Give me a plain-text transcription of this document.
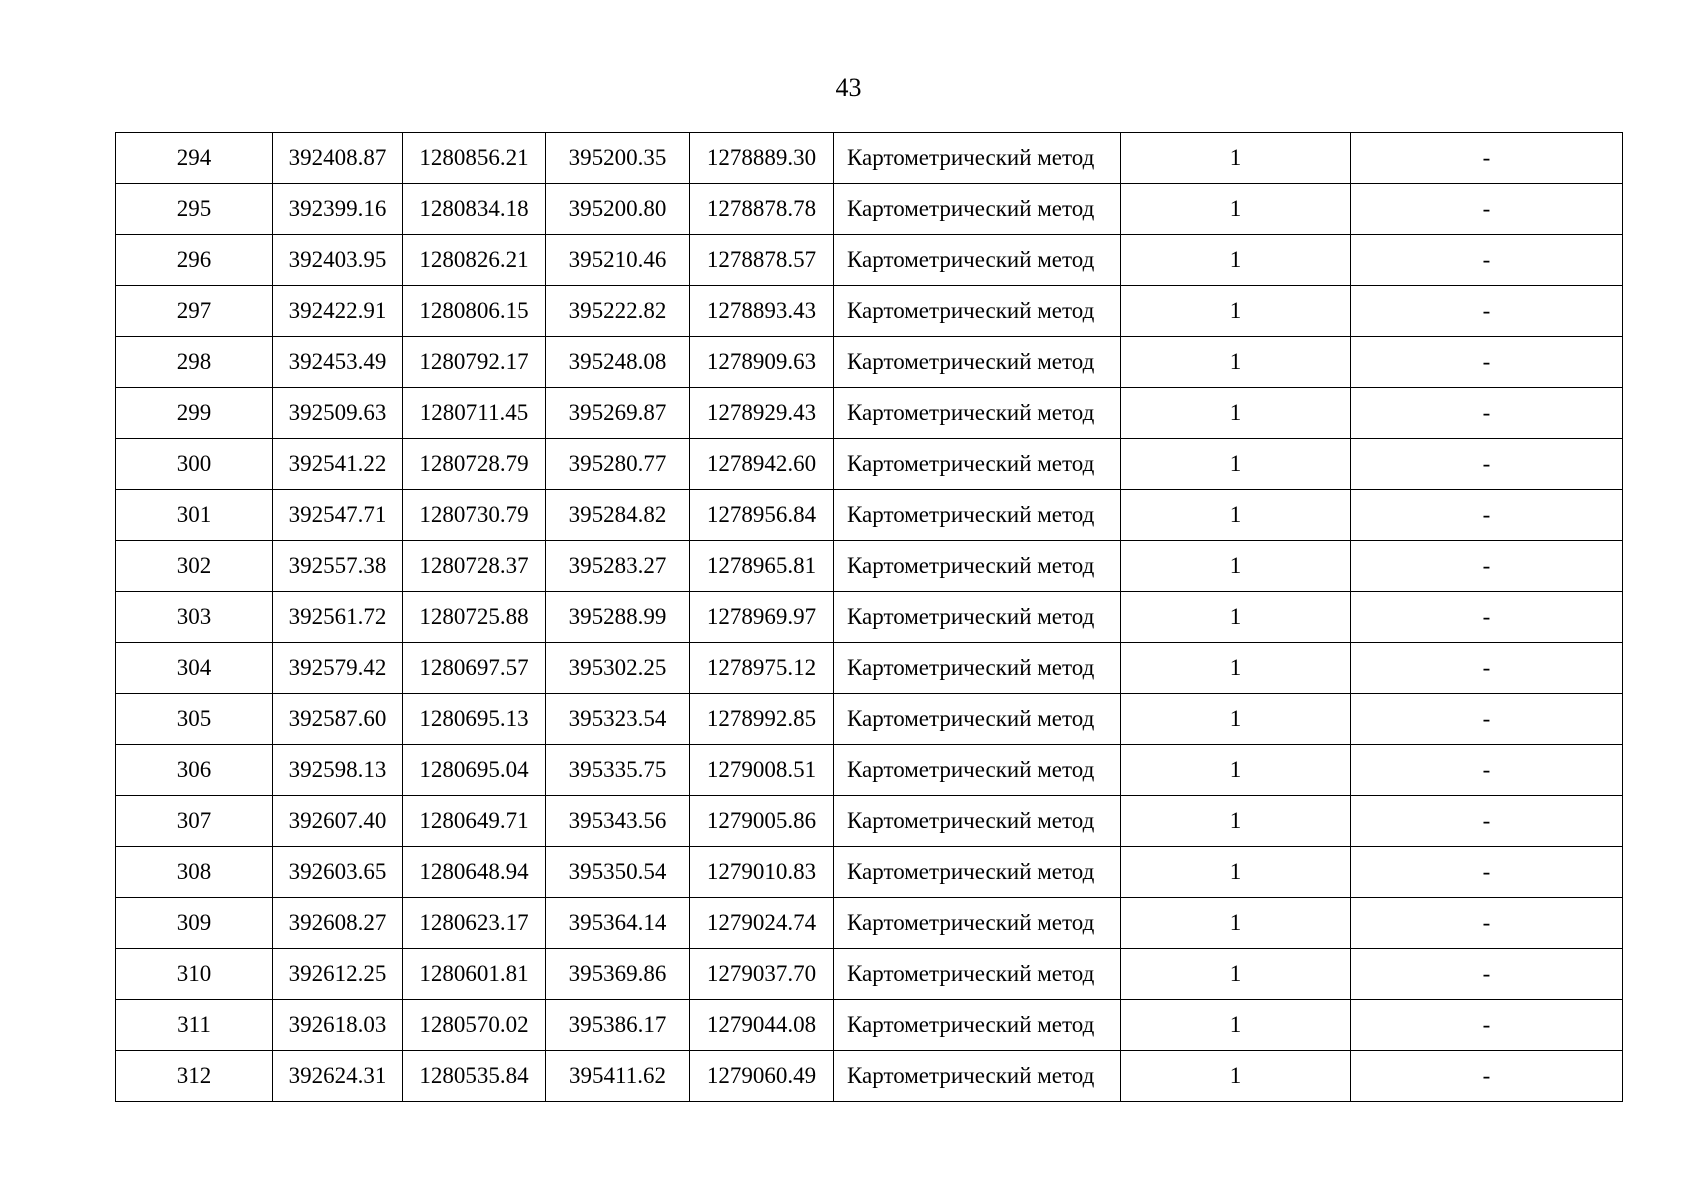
43
294	392408.87	1280856.21	395200.35	1278889.30	Картометрический метод	1	-
295	392399.16	1280834.18	395200.80	1278878.78	Картометрический метод	1	-
296	392403.95	1280826.21	395210.46	1278878.57	Картометрический метод	1	-
297	392422.91	1280806.15	395222.82	1278893.43	Картометрический метод	1	-
298	392453.49	1280792.17	395248.08	1278909.63	Картометрический метод	1	-
299	392509.63	1280711.45	395269.87	1278929.43	Картометрический метод	1	-
300	392541.22	1280728.79	395280.77	1278942.60	Картометрический метод	1	-
301	392547.71	1280730.79	395284.82	1278956.84	Картометрический метод	1	-
302	392557.38	1280728.37	395283.27	1278965.81	Картометрический метод	1	-
303	392561.72	1280725.88	395288.99	1278969.97	Картометрический метод	1	-
304	392579.42	1280697.57	395302.25	1278975.12	Картометрический метод	1	-
305	392587.60	1280695.13	395323.54	1278992.85	Картометрический метод	1	-
306	392598.13	1280695.04	395335.75	1279008.51	Картометрический метод	1	-
307	392607.40	1280649.71	395343.56	1279005.86	Картометрический метод	1	-
308	392603.65	1280648.94	395350.54	1279010.83	Картометрический метод	1	-
309	392608.27	1280623.17	395364.14	1279024.74	Картометрический метод	1	-
310	392612.25	1280601.81	395369.86	1279037.70	Картометрический метод	1	-
311	392618.03	1280570.02	395386.17	1279044.08	Картометрический метод	1	-
312	392624.31	1280535.84	395411.62	1279060.49	Картометрический метод	1	-
